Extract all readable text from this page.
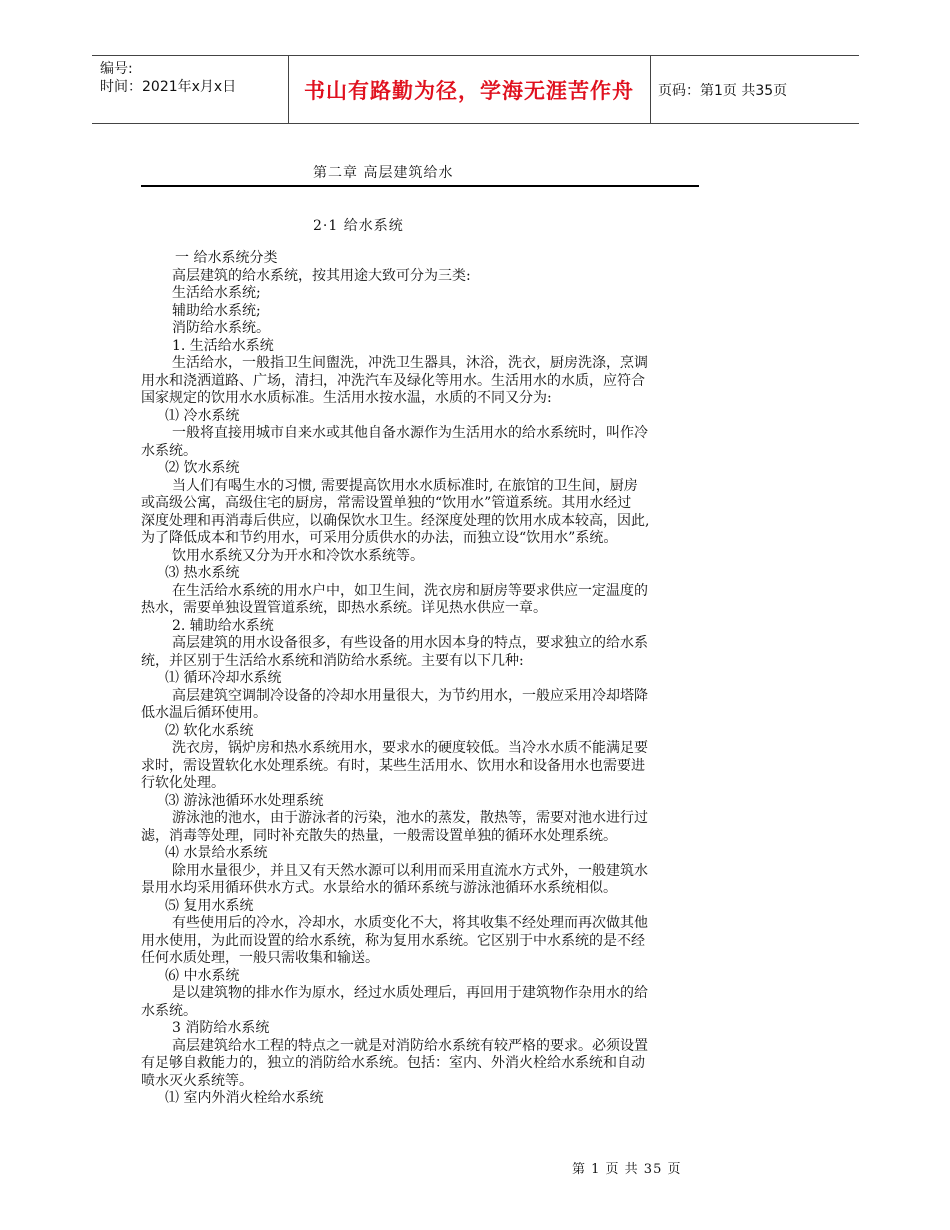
编号:
时间：2021年x月x日	书山有路勤为径，学海无涯苦作舟	页码：第1页 共35页
第二章 高层建筑给水
2·1 给水系统
一 给水系统分类
高层建筑的给水系统，按其用途大致可分为三类:
生活给水系统;
辅助给水系统;
消防给水系统。
1. 生活给水系统
生活给水，一般指卫生间盥洗，冲洗卫生器具，沐浴，洗衣，厨房洗涤，烹调
用水和浇洒道路、广场，清扫，冲洗汽车及绿化等用水。生活用水的水质，应符合
国家规定的饮用水水质标准。生活用水按水温，水质的不同又分为:
⑴ 冷水系统
一般将直接用城市自来水或其他自备水源作为生活用水的给水系统时，叫作冷
水系统。
⑵ 饮水系统
当人们有喝生水的习惯, 需要提高饮用水水质标准时, 在旅馆的卫生间，厨房
或高级公寓，高级住宅的厨房，常需设置单独的“饮用水”管道系统。其用水经过
深度处理和再消毒后供应，以确保饮水卫生。经深度处理的饮用水成本较高，因此,
为了降低成本和节约用水，可采用分质供水的办法，而独立设“饮用水”系统。
饮用水系统又分为开水和冷饮水系统等。
⑶ 热水系统
在生活给水系统的用水户中，如卫生间，洗衣房和厨房等要求供应一定温度的
热水，需要单独设置管道系统，即热水系统。详见热水供应一章。
2. 辅助给水系统
高层建筑的用水设备很多，有些设备的用水因本身的特点，要求独立的给水系
统，并区别于生活给水系统和消防给水系统。主要有以下几种:
⑴ 循环冷却水系统
高层建筑空调制冷设备的冷却水用量很大，为节约用水，一般应采用冷却塔降
低水温后循环使用。
⑵ 软化水系统
洗衣房，锅炉房和热水系统用水，要求水的硬度较低。当冷水水质不能满足要
求时，需设置软化水处理系统。有时，某些生活用水、饮用水和设备用水也需要进
行软化处理。
⑶ 游泳池循环水处理系统
游泳池的池水，由于游泳者的污染，池水的蒸发，散热等，需要对池水进行过
滤，消毒等处理，同时补充散失的热量，一般需设置单独的循环水处理系统。
⑷ 水景给水系统
除用水量很少，并且又有天然水源可以利用而采用直流水方式外，一般建筑水
景用水均采用循环供水方式。水景给水的循环系统与游泳池循环水系统相似。
⑸ 复用水系统
有些使用后的冷水，冷却水，水质变化不大，将其收集不经处理而再次做其他
用水使用，为此而设置的给水系统，称为复用水系统。它区别于中水系统的是不经
任何水质处理，一般只需收集和输送。
⑹ 中水系统
是以建筑物的排水作为原水，经过水质处理后，再回用于建筑物作杂用水的给
水系统。
3 消防给水系统
高层建筑给水工程的特点之一就是对消防给水系统有较严格的要求。必须设置
有足够自救能力的，独立的消防给水系统。包括：室内、外消火栓给水系统和自动
喷水灭火系统等。
⑴ 室内外消火栓给水系统
第 1 页 共 35 页
